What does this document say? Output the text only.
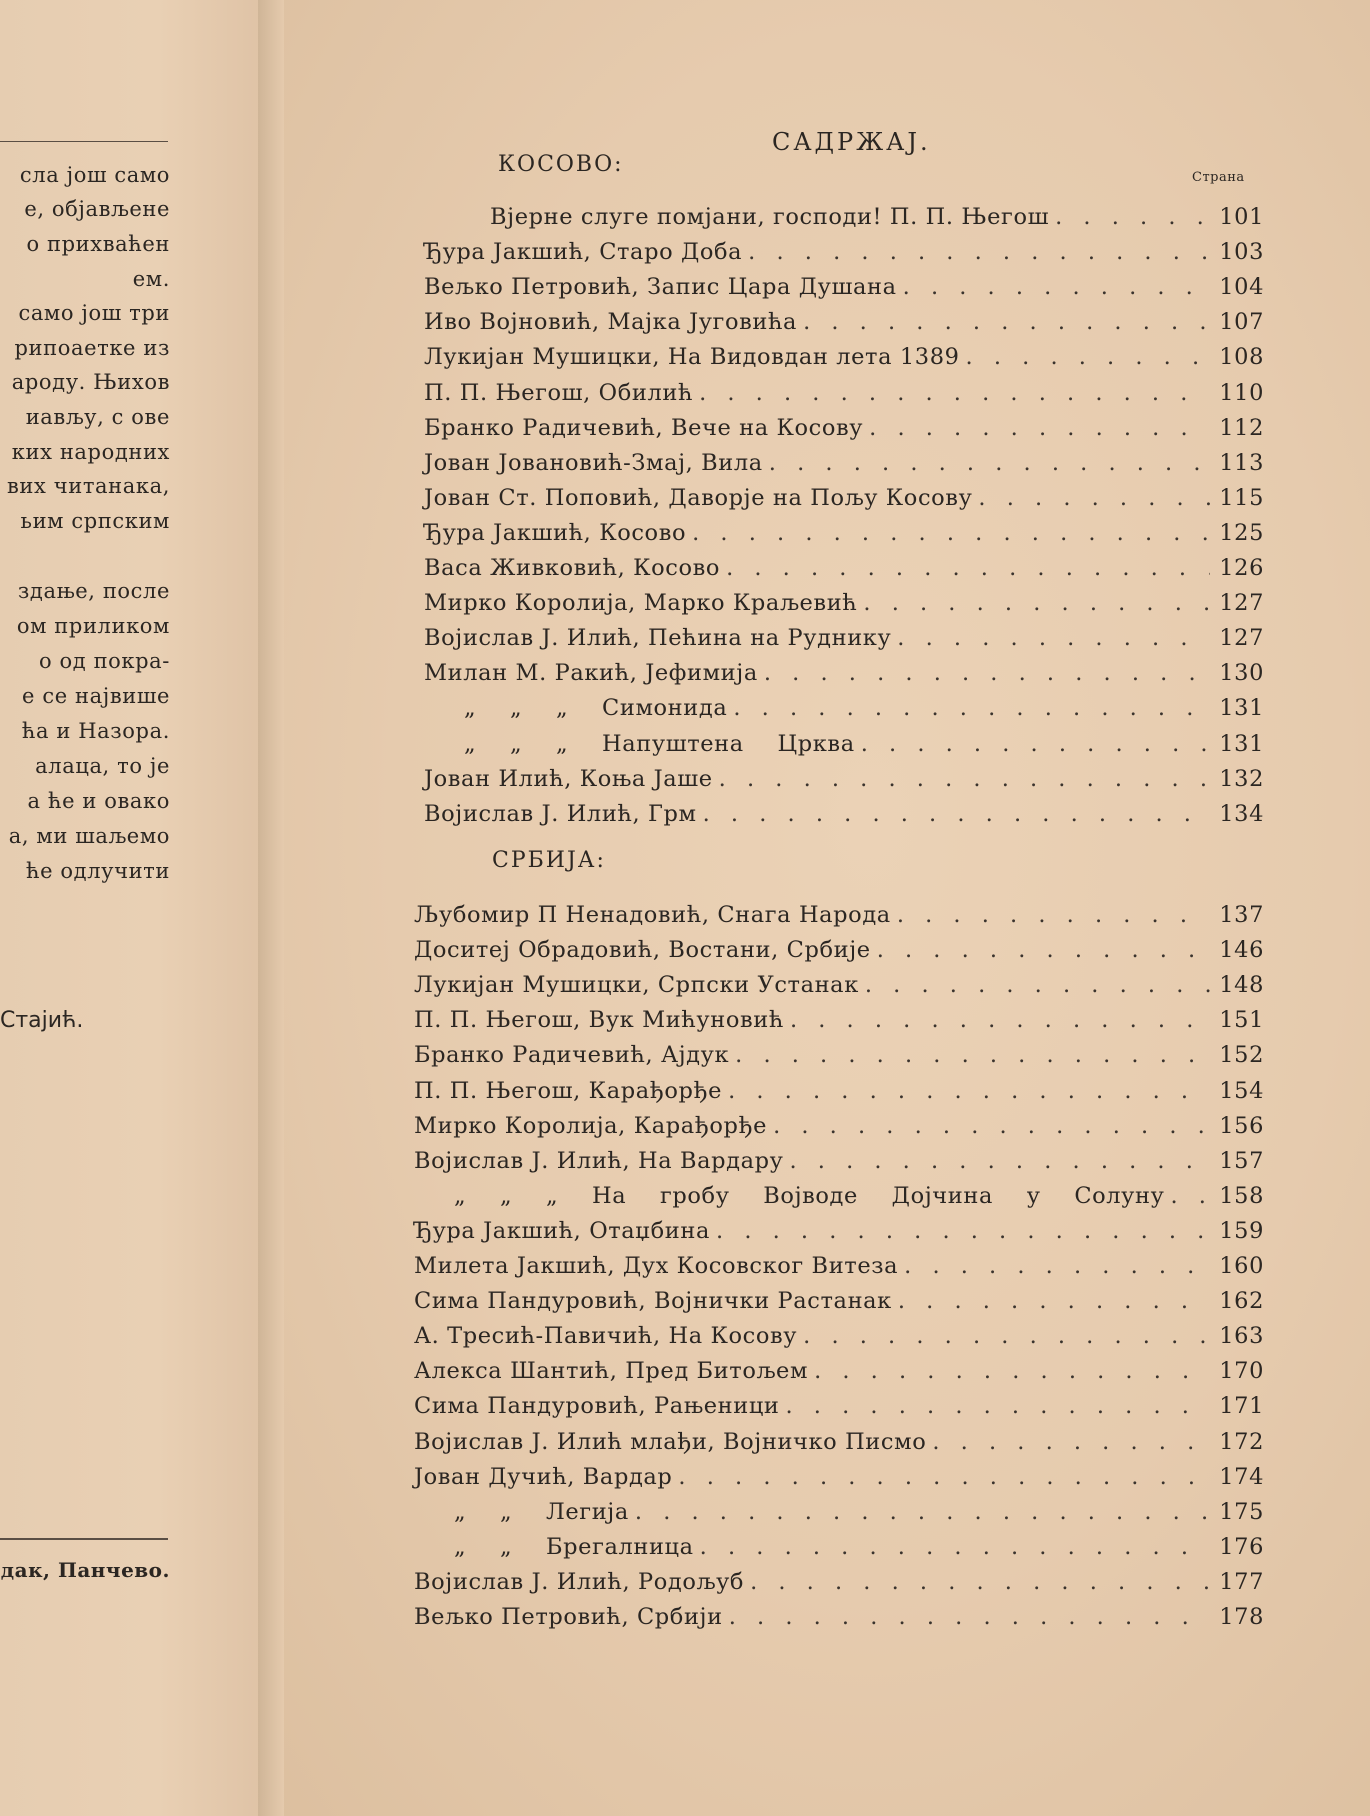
сла још само
е, објављене
о прихваћен
ем.
само још три
рипоаетке из
ароду. Њихов
иављу, с ове
ких народних
вих читанака,
ьим српским
здање, после
ом приликом
о од покра-
е се највише
ћа и Назора.
алаца, то је
а ће и овако
а, ми шаљемо
ће одлучити
Стајић.
дак, Панчево.
САДРЖАЈ.
Страна
КОСОВО:
Вјерне слуге помјани, господи! П. П. Његош . . .	101
Ђура Јакшић, Старо Доба . . .	103
Вељко Петровић, Запис Цара Душана . . .	104
Иво Војновић, Мајка Југовића . . .	107
Лукијан Мушицки, На Видовдан лета 1389 . . .	108
П. П. Његош, Обилић . . .	110
Бранко Радичевић, Вече на Косову . . .	112
Јован Јовановић-Змај, Вила . . .	113
Јован Ст. Поповић, Даворје на Пољу Косову . . .	115
Ђура Јакшић, Косово . . .	125
Васа Живковић, Косово . . .	126
Мирко Королија, Марко Краљевић . . .	127
Војислав Ј. Илић, Пећина на Руднику . . .	127
Милан М. Ракић, Јефимија . . .	130
„ „ „ Симонида . . .	131
„ „ „ Напуштена Црква . . .	131
Јован Илић, Коња Јаше . . .	132
Војислав Ј. Илић, Грм . . .	134
СРБИЈА:
Љубомир П Ненадовић, Снага Народа . . .	137
Доситеј Обрадовић, Востани, Србије . . .	146
Лукијан Мушицки, Српски Устанак . . .	148
П. П. Његош, Вук Мићуновић . . .	151
Бранко Радичевић, Ајдук . . .	152
П. П. Његош, Карађорђе . . .	154
Мирко Королија, Карађорђе . . .	156
Војислав Ј. Илић, На Вардару . . .	157
„ „ „ На гробу Војводе Дојчина у Солуну . . . 158
Ђура Јакшић, Отаџбина . . .	159
Милета Јакшић, Дух Косовског Витеза . . .	160
Сима Пандуровић, Војнички Растанак . . .	162
А. Тресић-Павичић, На Косову . . .	163
Алекса Шантић, Пред Битољем . . .	170
Сима Пандуровић, Рањеници . . .	171
Војислав Ј. Илић млађи, Војничко Писмо . . .	172
Јован Дучић, Вардар . . .	174
„ „ Легија . . .	175
„ „ Брегалница . . .	176
Војислав Ј. Илић, Родољуб . . .	177
Вељко Петровић, Србији . . .	178
